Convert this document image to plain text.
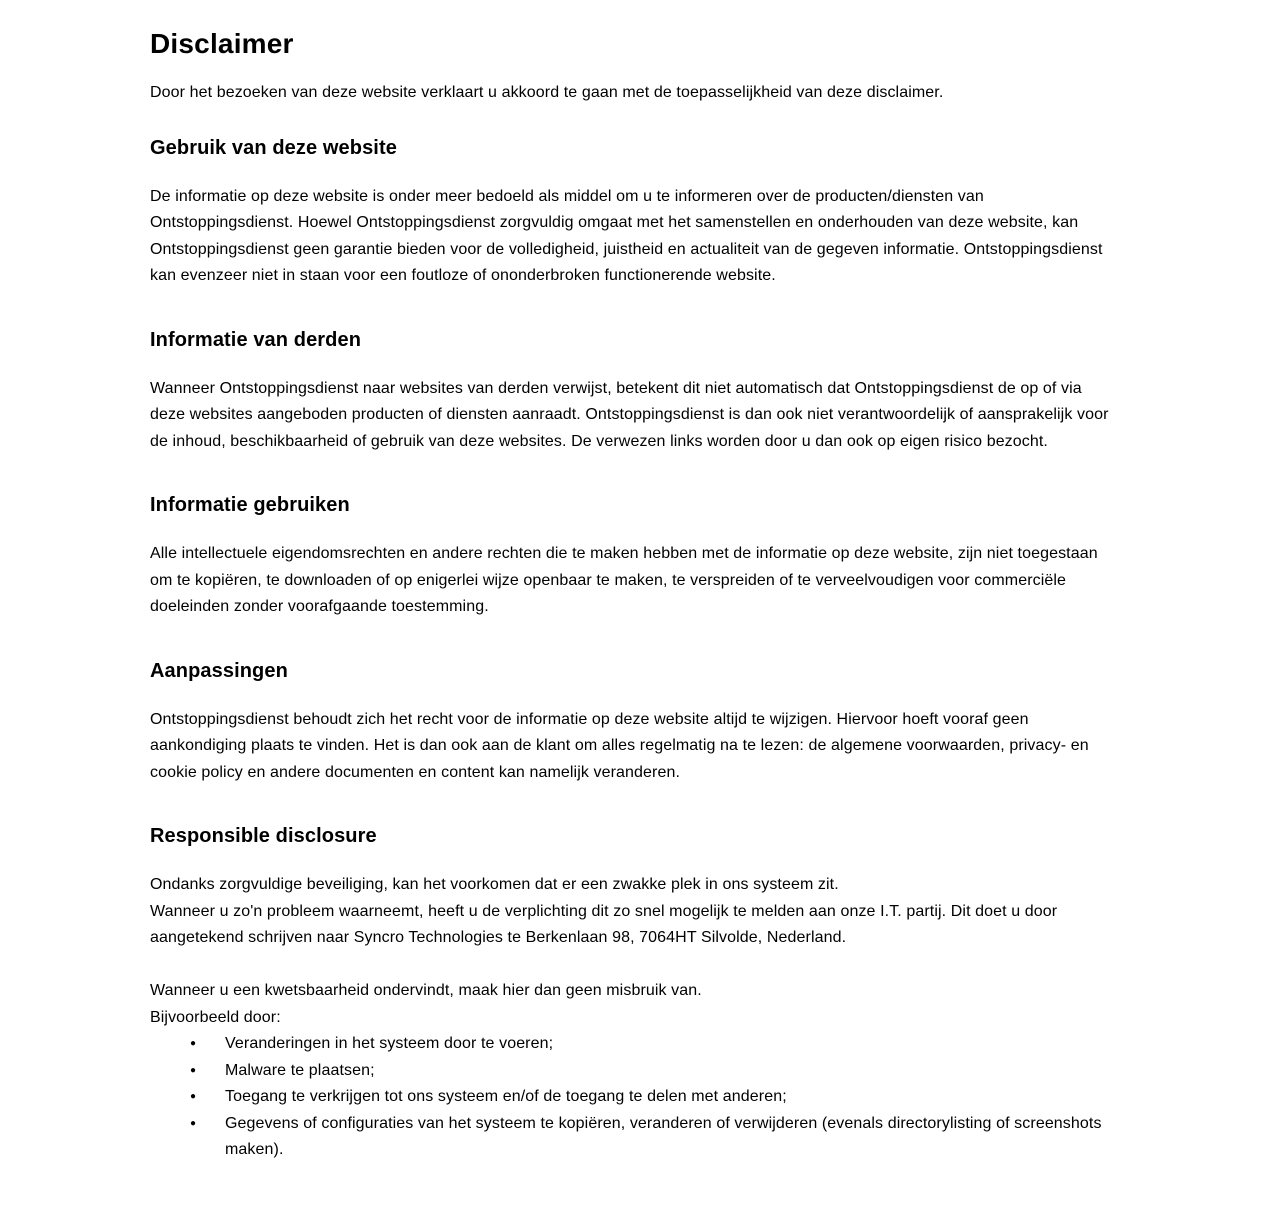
Disclaimer

Door het bezoeken van deze website verklaart u akkoord te gaan met de toepasselijkheid van deze disclaimer.

Gebruik van deze website

De informatie op deze website is onder meer bedoeld als middel om u te informeren over de producten/diensten van Ontstoppingsdienst. Hoewel Ontstoppingsdienst zorgvuldig omgaat met het samenstellen en onderhouden van deze website, kan Ontstoppingsdienst geen garantie bieden voor de volledigheid, juistheid en actualiteit van de gegeven informatie. Ontstoppingsdienst kan evenzeer niet in staan voor een foutloze of ononderbroken functionerende website.

Informatie van derden

Wanneer Ontstoppingsdienst naar websites van derden verwijst, betekent dit niet automatisch dat Ontstoppingsdienst de op of via deze websites aangeboden producten of diensten aanraadt. Ontstoppingsdienst is dan ook niet verantwoordelijk of aansprakelijk voor de inhoud, beschikbaarheid of gebruik van deze websites. De verwezen links worden door u dan ook op eigen risico bezocht.

Informatie gebruiken

Alle intellectuele eigendomsrechten en andere rechten die te maken hebben met de informatie op deze website, zijn niet toegestaan om te kopiëren, te downloaden of op enigerlei wijze openbaar te maken, te verspreiden of te verveelvoudigen voor commerciële doeleinden zonder voorafgaande toestemming.

Aanpassingen

Ontstoppingsdienst behoudt zich het recht voor de informatie op deze website altijd te wijzigen. Hiervoor hoeft vooraf geen aankondiging plaats te vinden. Het is dan ook aan de klant om alles regelmatig na te lezen: de algemene voorwaarden, privacy- en cookie policy en andere documenten en content kan namelijk veranderen.

Responsible disclosure

Ondanks zorgvuldige beveiliging, kan het voorkomen dat er een zwakke plek in ons systeem zit.
Wanneer u zo'n probleem waarneemt, heeft u de verplichting dit zo snel mogelijk te melden aan onze I.T. partij. Dit doet u door aangetekend schrijven naar Syncro Technologies te Berkenlaan 98, 7064HT Silvolde, Nederland.

Wanneer u een kwetsbaarheid ondervindt, maak hier dan geen misbruik van.
Bijvoorbeeld door:

●	Veranderingen in het systeem door te voeren;
●	Malware te plaatsen;
●	Toegang te verkrijgen tot ons systeem en/of de toegang te delen met anderen;
●	Gegevens of configuraties van het systeem te kopiëren, veranderen of verwijderen (evenals directorylisting of screenshots maken).
